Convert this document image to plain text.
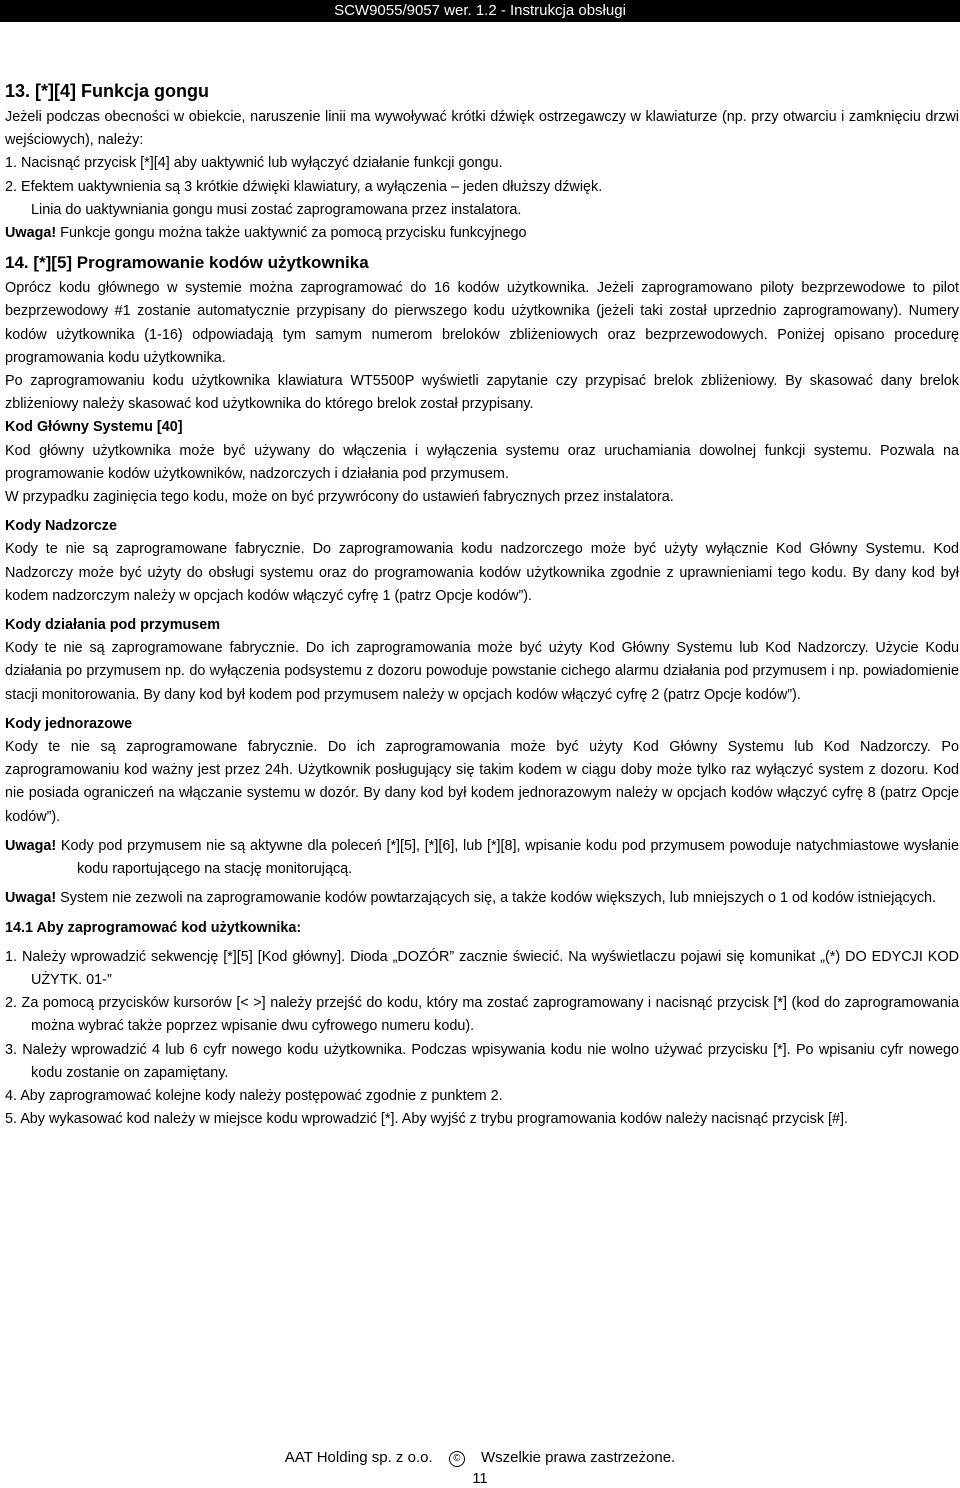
SCW9055/9057 wer. 1.2 - Instrukcja obsługi
13. [*][4] Funkcja gongu

Jeżeli podczas obecności w obiekcie, naruszenie linii ma wywoływać krótki dźwięk ostrzegawczy w klawiaturze (np. przy otwarciu i zamknięciu drzwi wejściowych), należy:

1. Nacisnąć przycisk [*][4] aby uaktywnić lub wyłączyć działanie funkcji gongu.

2. Efektem uaktywnienia są 3 krótkie dźwięki klawiatury, a wyłączenia – jeden dłuższy dźwięk.

Linia do uaktywniania gongu musi zostać zaprogramowana przez instalatora.

Uwaga! Funkcje gongu można także uaktywnić za pomocą przycisku funkcyjnego

14. [*][5] Programowanie kodów użytkownika

Oprócz kodu głównego w systemie można zaprogramować do 16 kodów użytkownika. Jeżeli zaprogramowano piloty bezprzewodowe to pilot bezprzewodowy #1 zostanie automatycznie przypisany do pierwszego kodu użytkownika (jeżeli taki został uprzednio zaprogramowany). Numery kodów użytkownika (1-16) odpowiadają tym samym numerom breloków zbliżeniowych oraz bezprzewodowych. Poniżej opisano procedurę programowania kodu użytkownika.

Po zaprogramowaniu kodu użytkownika klawiatura WT5500P wyświetli zapytanie czy przypisać brelok zbliżeniowy. By skasować dany brelok zbliżeniowy należy skasować kod użytkownika do którego brelok został przypisany.

Kod Główny Systemu [40]

Kod główny użytkownika może być używany do włączenia i wyłączenia systemu oraz uruchamiania dowolnej funkcji systemu. Pozwala na programowanie kodów użytkowników, nadzorczych i działania pod przymusem.

W przypadku zaginięcia tego kodu, może on być przywrócony do ustawień fabrycznych przez instalatora.

Kody Nadzorcze

Kody te nie są zaprogramowane fabrycznie. Do zaprogramowania kodu nadzorczego może być użyty wyłącznie Kod Główny Systemu. Kod Nadzorczy może być użyty do obsługi systemu oraz do programowania kodów użytkownika zgodnie z uprawnieniami tego kodu. By dany kod był kodem nadzorczym należy w opcjach kodów włączyć cyfrę 1 (patrz Opcje kodów”).

Kody działania pod przymusem

Kody te nie są zaprogramowane fabrycznie. Do ich zaprogramowania może być użyty Kod Główny Systemu lub Kod Nadzorczy. Użycie Kodu działania po przymusem np. do wyłączenia podsystemu z dozoru powoduje powstanie cichego alarmu działania pod przymusem i np. powiadomienie stacji monitorowania. By dany kod był kodem pod przymusem należy w opcjach kodów włączyć cyfrę 2 (patrz Opcje kodów”).

Kody jednorazowe

Kody te nie są zaprogramowane fabrycznie. Do ich zaprogramowania może być użyty Kod Główny Systemu lub Kod Nadzorczy. Po zaprogramowaniu kod ważny jest przez 24h. Użytkownik posługujący się takim kodem w ciągu doby może tylko raz wyłączyć system z dozoru. Kod nie posiada ograniczeń na włączanie systemu w dozór. By dany kod był kodem jednorazowym należy w opcjach kodów włączyć cyfrę 8 (patrz Opcje kodów”).

Uwaga! Kody pod przymusem nie są aktywne dla poleceń [*][5], [*][6], lub [*][8], wpisanie kodu pod przymusem powoduje natychmiastowe wysłanie kodu raportującego na stację monitorującą.

Uwaga! System nie zezwoli na zaprogramowanie kodów powtarzających się, a także kodów większych, lub mniejszych o 1 od kodów istniejących.

14.1 Aby zaprogramować kod użytkownika:

1. Należy wprowadzić sekwencję [*][5] [Kod główny]. Dioda „DOZÓR” zacznie świecić. Na wyświetlaczu pojawi się komunikat „(*) DO EDYCJI KOD UŻYTK. 01-”

2. Za pomocą przycisków kursorów [< >] należy przejść do kodu, który ma zostać zaprogramowany i nacisnąć przycisk [*] (kod do zaprogramowania można wybrać także poprzez wpisanie dwu cyfrowego numeru kodu).

3. Należy wprowadzić 4 lub 6 cyfr nowego kodu użytkownika. Podczas wpisywania kodu nie wolno używać przycisku [*]. Po wpisaniu cyfr nowego kodu zostanie on zapamiętany.

4. Aby zaprogramować kolejne kody należy postępować zgodnie z punktem 2.

5. Aby wykasować kod należy w miejsce kodu wprowadzić [*]. Aby wyjść z trybu programowania kodów należy nacisnąć przycisk [#].

AAT Holding sp. z o.o. © Wszelkie prawa zastrzeżone.
11
